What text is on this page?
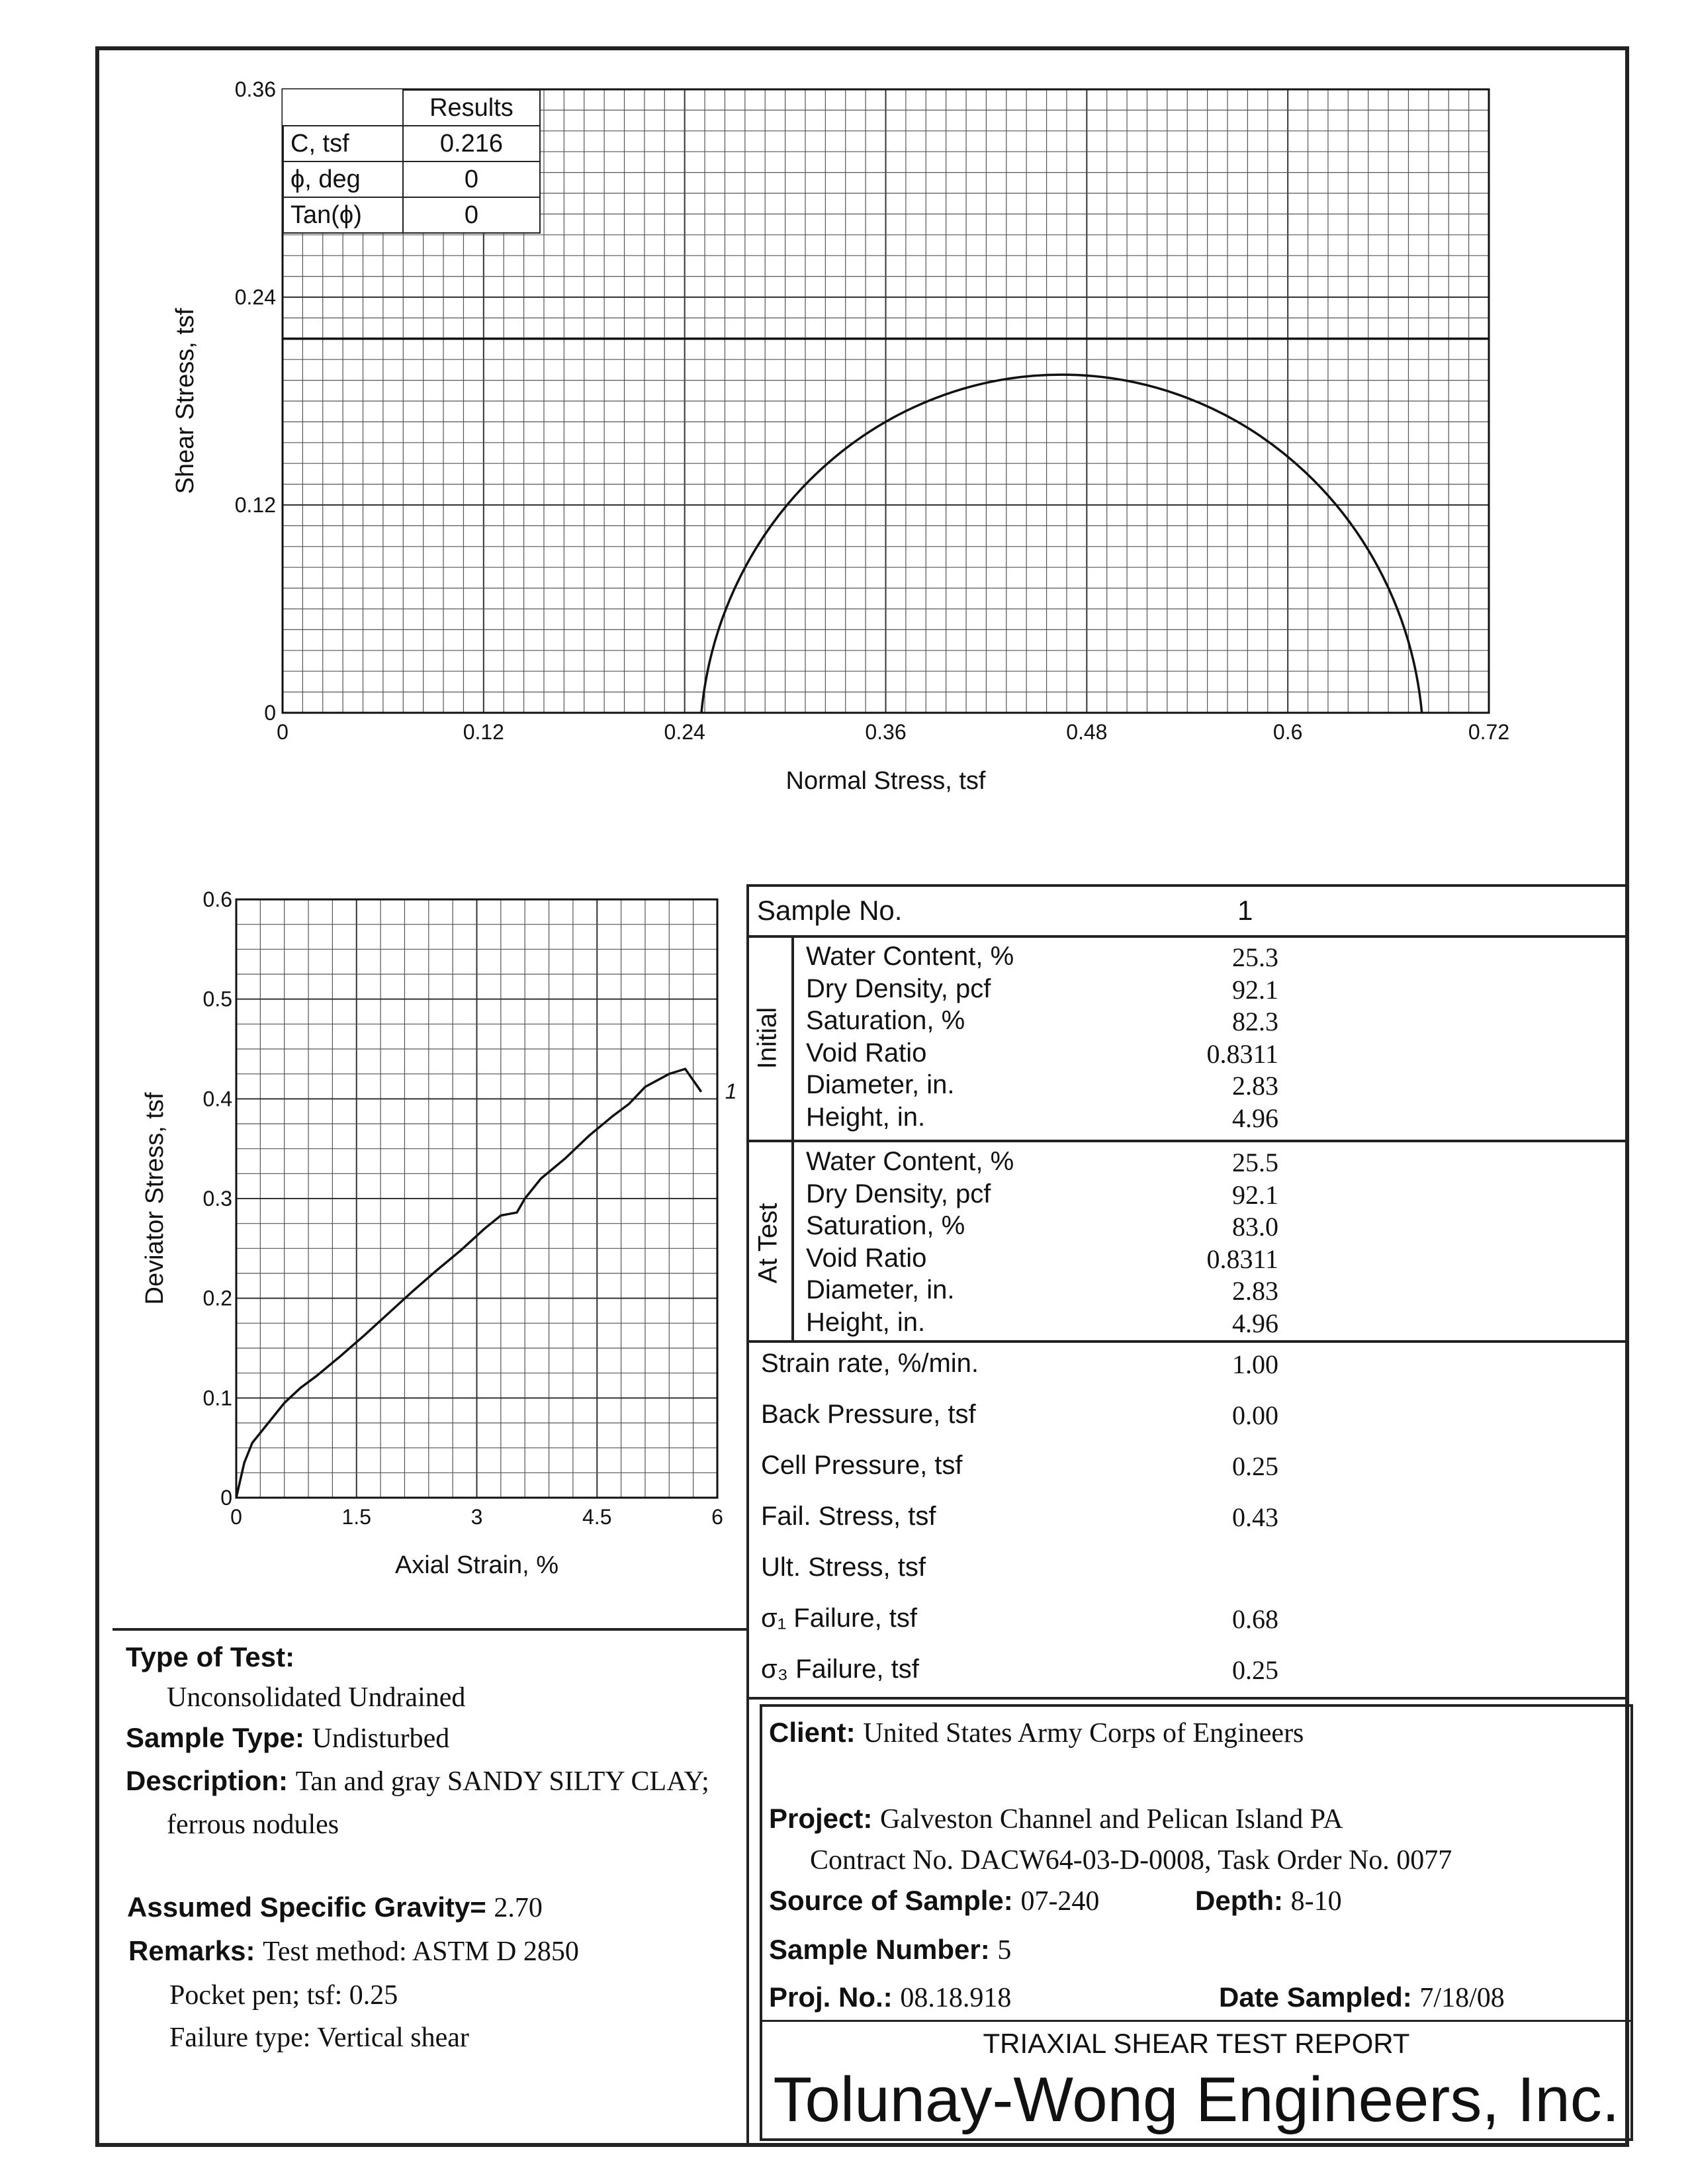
0	0.12	0.24	0.36	0.48	0.6	0.72
0
0.12
0.24
0.36
Normal Stress, tsf
Shear Stress, tsf
	Results
C, tsf	0.216
ϕ, deg	0
Tan(ϕ)	0
0	1.5	3	4.5	6
0
0.1
0.2
0.3
0.4
0.5
0.6
Axial Strain, %
Deviator Stress, tsf
1
Sample No.	1
Initial
At Test
Water Content, %	25.3
Dry Density, pcf	92.1
Saturation, %	82.3
Void Ratio	0.8311
Diameter, in.	2.83
Height, in.	4.96
Water Content, %	25.5
Dry Density, pcf	92.1
Saturation, %	83.0
Void Ratio	0.8311
Diameter, in.	2.83
Height, in.	4.96
Strain rate, %/min.	1.00
Back Pressure, tsf	0.00
Cell Pressure, tsf	0.25
Fail. Stress, tsf	0.43
Ult. Stress, tsf
σ₁ Failure, tsf	0.68
σ₃ Failure, tsf	0.25
Type of Test:
Unconsolidated Undrained
Sample Type: Undisturbed
Description: Tan and gray SANDY SILTY CLAY;
ferrous nodules
Assumed Specific Gravity= 2.70
Remarks: Test method: ASTM D 2850
Pocket pen; tsf: 0.25
Failure type: Vertical shear
Client: United States Army Corps of Engineers
Project: Galveston Channel and Pelican Island PA
Contract No. DACW64-03-D-0008, Task Order No. 0077
Source of Sample: 07-240	Depth: 8-10
Sample Number: 5
Proj. No.: 08.18.918	Date Sampled: 7/18/08
TRIAXIAL SHEAR TEST REPORT
Tolunay-Wong Engineers, Inc.
